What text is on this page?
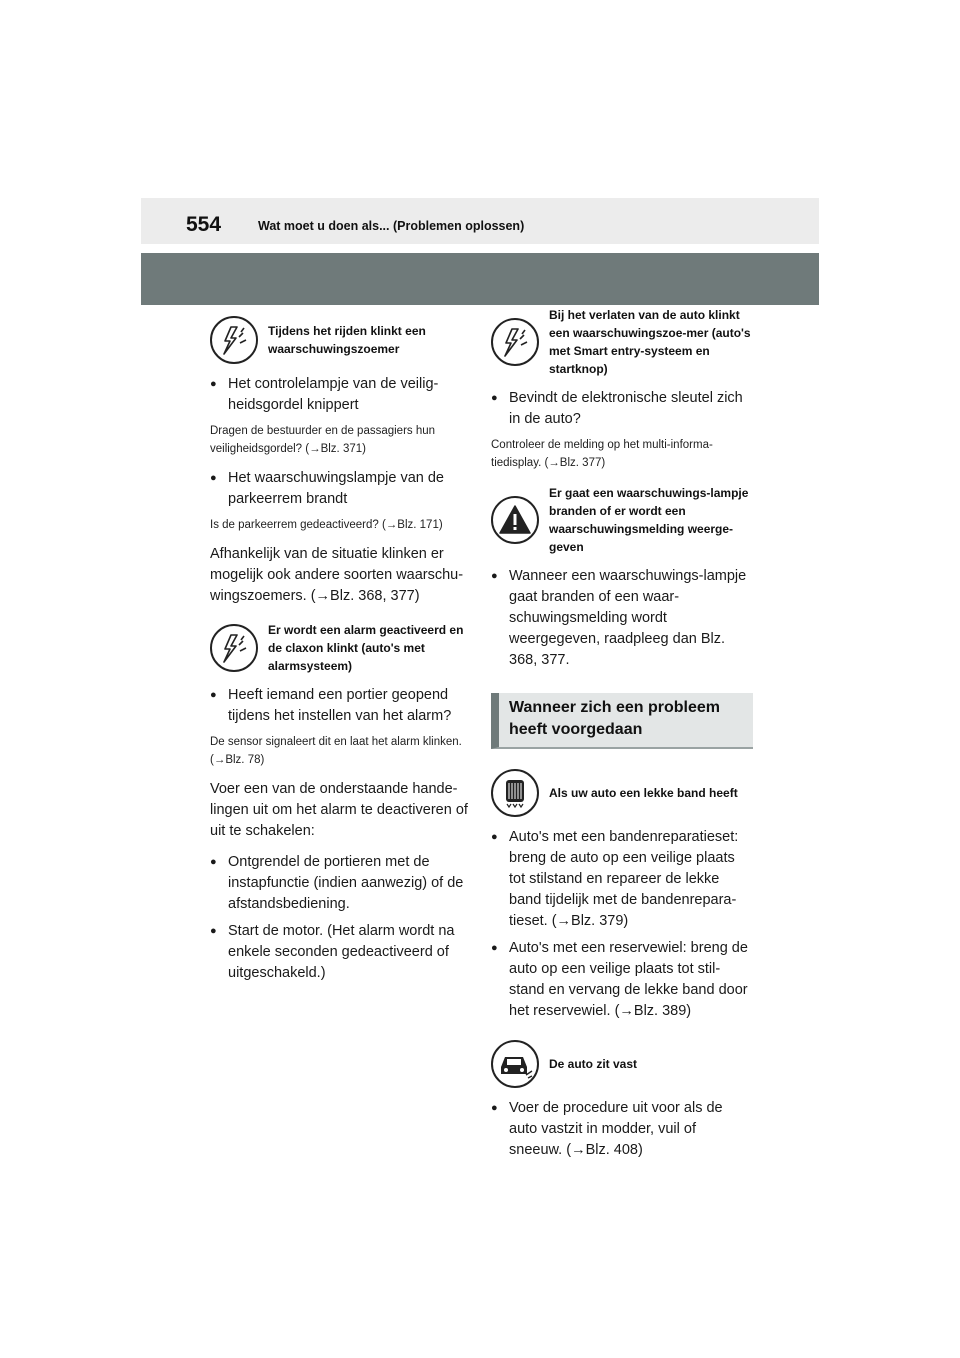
554	Wat moet u doen als... (Problemen oplossen)
Tijdens het rijden klinkt een waarschuwingszoemer
● Het controlelampje van de veilig-heidsgordel knippert
Dragen de bestuurder en de passagiers hun veiligheidsgordel? (→Blz. 371)
● Het waarschuwingslampje van de parkeerrem brandt
Is de parkeerrem gedeactiveerd? (→Blz. 171)
Afhankelijk van de situatie klinken er mogelijk ook andere soorten waarschu-wingszoemers. (→Blz. 368, 377)
Er wordt een alarm geactiveerd en de claxon klinkt (auto's met alarmsysteem)
● Heeft iemand een portier geopend tijdens het instellen van het alarm?
De sensor signaleert dit en laat het alarm klinken. (→Blz. 78)
Voer een van de onderstaande hande-lingen uit om het alarm te deactiveren of uit te schakelen:
● Ontgrendel de portieren met de instapfunctie (indien aanwezig) of de afstandsbediening.
● Start de motor. (Het alarm wordt na enkele seconden gedeactiveerd of uitgeschakeld.)
Bij het verlaten van de auto klinkt een waarschuwingszoe-mer (auto's met Smart entry-systeem en startknop)
● Bevindt de elektronische sleutel zich in de auto?
Controleer de melding op het multi-informa-tiedisplay. (→Blz. 377)
Er gaat een waarschuwings-lampje branden of er wordt een waarschuwingsmelding weerge-geven
● Wanneer een waarschuwings-lampje gaat branden of een waar-schuwingsmelding wordt weergegeven, raadpleeg dan Blz. 368, 377.
Wanneer zich een probleem heeft voorgedaan
Als uw auto een lekke band heeft
● Auto's met een bandenreparatieset: breng de auto op een veilige plaats tot stilstand en repareer de lekke band tijdelijk met de bandenrepara-tieset. (→Blz. 379)
● Auto's met een reservewiel: breng de auto op een veilige plaats tot stil-stand en vervang de lekke band door het reservewiel. (→Blz. 389)
De auto zit vast
● Voer de procedure uit voor als de auto vastzit in modder, vuil of sneeuw. (→Blz. 408)
